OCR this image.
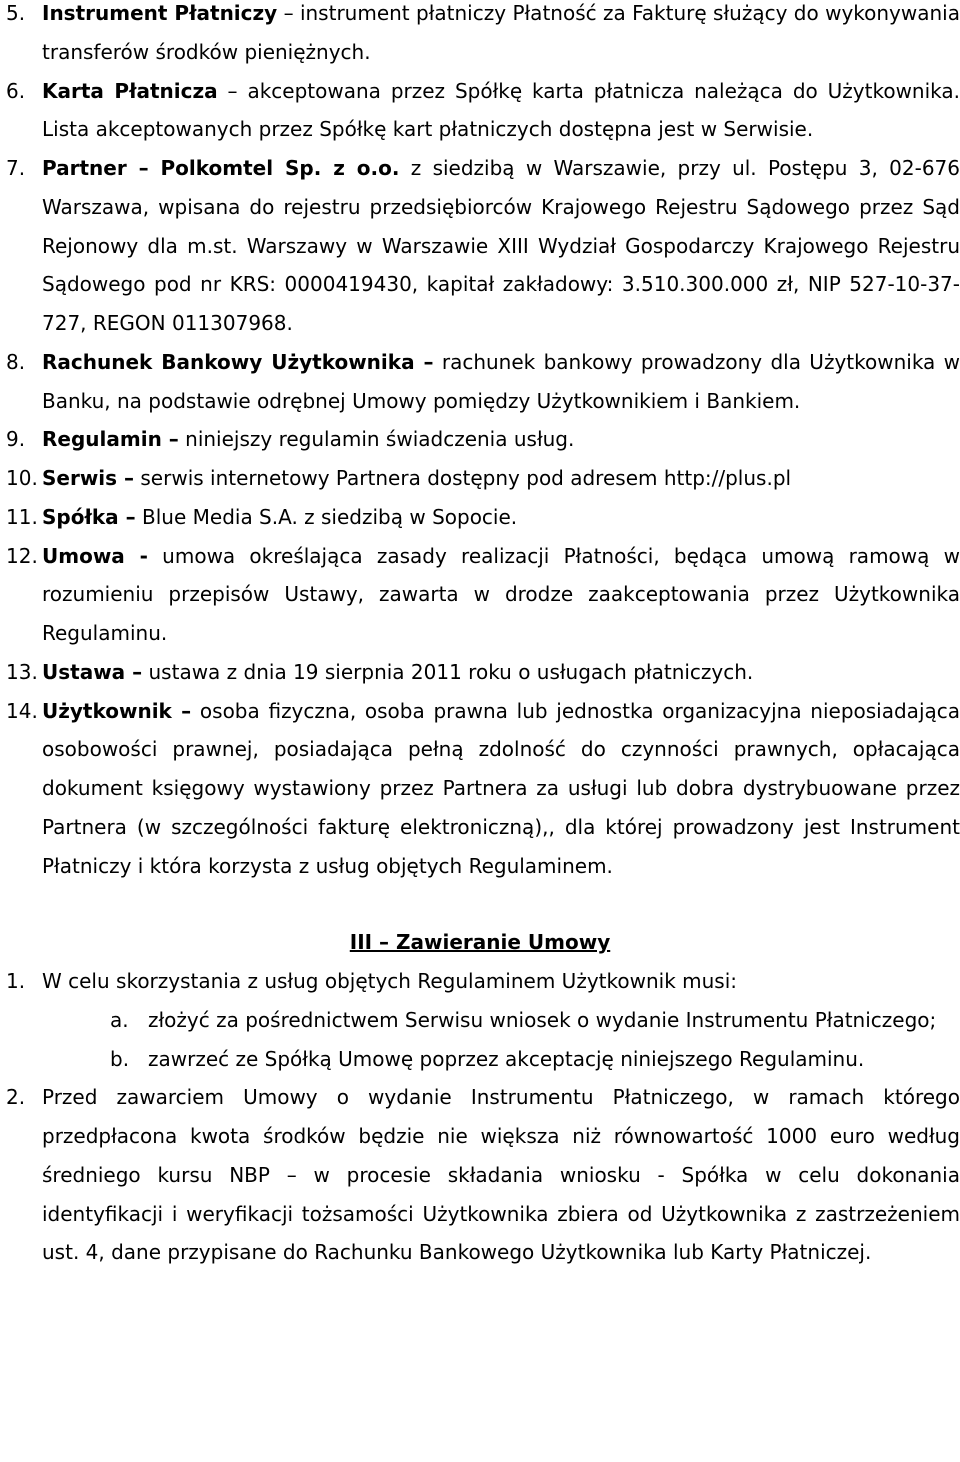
5. Instrument Płatniczy – instrument płatniczy Płatność za Fakturę służący do wykonywania transferów środków pieniężnych.
6. Karta Płatnicza – akceptowana przez Spółkę karta płatnicza należąca do Użytkownika. Lista akceptowanych przez Spółkę kart płatniczych dostępna jest w Serwisie.
7. Partner – Polkomtel Sp. z o.o. z siedzibą w Warszawie, przy ul. Postępu 3, 02-676 Warszawa, wpisana do rejestru przedsiębiorców Krajowego Rejestru Sądowego przez Sąd Rejonowy dla m.st. Warszawy w Warszawie XIII Wydział Gospodarczy Krajowego Rejestru Sądowego pod nr KRS: 0000419430, kapitał zakładowy: 3.510.300.000 zł, NIP 527-10-37-727, REGON 011307968.
8. Rachunek Bankowy Użytkownika – rachunek bankowy prowadzony dla Użytkownika w Banku, na podstawie odrębnej Umowy pomiędzy Użytkownikiem i Bankiem.
9. Regulamin – niniejszy regulamin świadczenia usług.
10. Serwis – serwis internetowy Partnera dostępny pod adresem http://plus.pl
11. Spółka – Blue Media S.A. z siedzibą w Sopocie.
12. Umowa - umowa określająca zasady realizacji Płatności, będąca umową ramową w rozumieniu przepisów Ustawy, zawarta w drodze zaakceptowania przez Użytkownika Regulaminu.
13. Ustawa – ustawa z dnia 19 sierpnia 2011 roku o usługach płatniczych.
14. Użytkownik – osoba fizyczna, osoba prawna lub jednostka organizacyjna nieposiadająca osobowości prawnej, posiadająca pełną zdolność do czynności prawnych, opłacająca dokument księgowy wystawiony przez Partnera za usługi lub dobra dystrybuowane przez Partnera (w szczególności fakturę elektroniczną),, dla której prowadzony jest Instrument Płatniczy i która korzysta z usług objętych Regulaminem.
III – Zawieranie Umowy
1. W celu skorzystania z usług objętych Regulaminem Użytkownik musi:
a. złożyć za pośrednictwem Serwisu wniosek o wydanie Instrumentu Płatniczego;
b. zawrzeć ze Spółką Umowę poprzez akceptację niniejszego Regulaminu.
2. Przed zawarciem Umowy o wydanie Instrumentu Płatniczego, w ramach którego przedpłacona kwota środków będzie nie większa niż równowartość 1000 euro według średniego kursu NBP – w procesie składania wniosku - Spółka w celu dokonania identyfikacji i weryfikacji tożsamości Użytkownika zbiera od Użytkownika z zastrzeżeniem ust. 4, dane przypisane do Rachunku Bankowego Użytkownika lub Karty Płatniczej.
